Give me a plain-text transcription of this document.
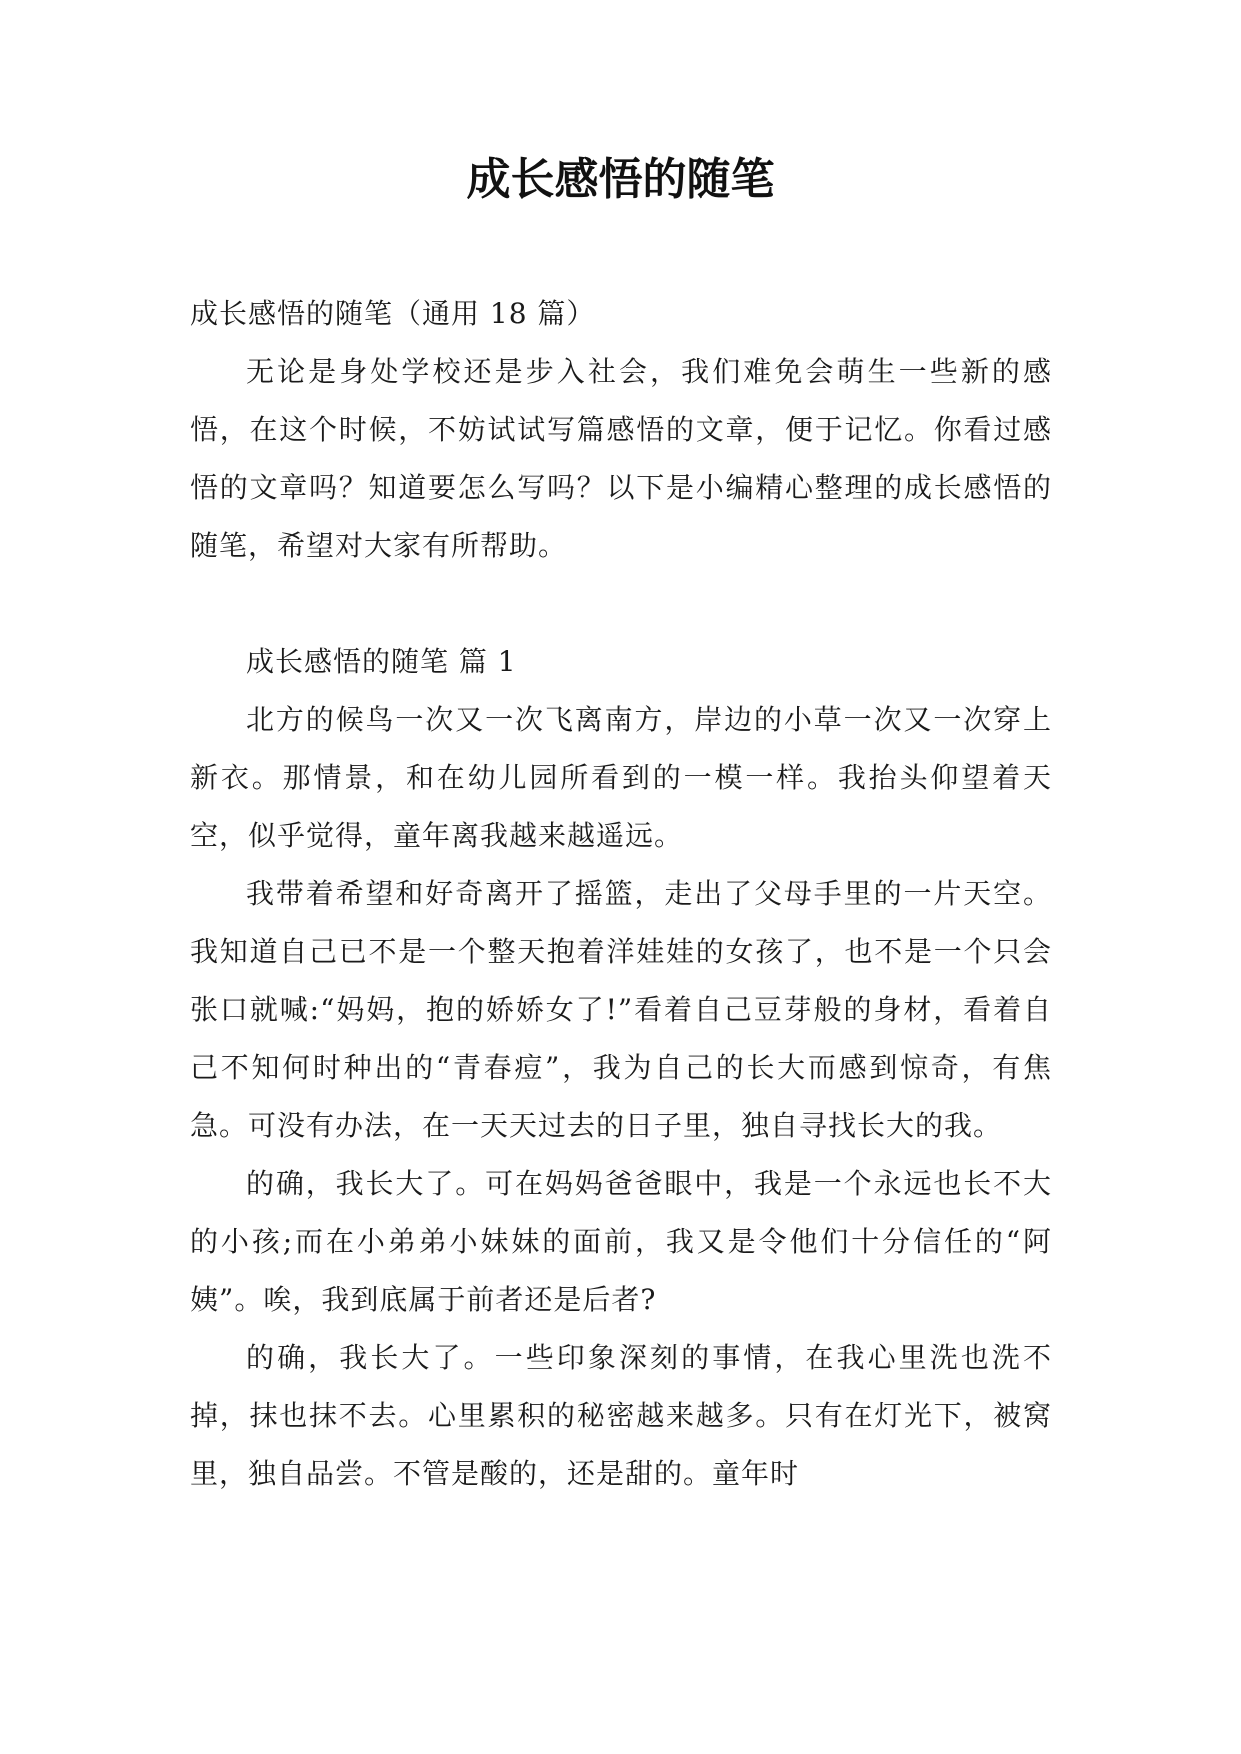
成长感悟的随笔

成长感悟的随笔（通用 18 篇）

无论是身处学校还是步入社会，我们难免会萌生一些新的感悟，在这个时候，不妨试试写篇感悟的文章，便于记忆。你看过感悟的文章吗？知道要怎么写吗？以下是小编精心整理的成长感悟的随笔，希望对大家有所帮助。

成长感悟的随笔 篇 1

北方的候鸟一次又一次飞离南方，岸边的小草一次又一次穿上新衣。那情景，和在幼儿园所看到的一模一样。我抬头仰望着天空，似乎觉得，童年离我越来越遥远。

我带着希望和好奇离开了摇篮，走出了父母手里的一片天空。我知道自己已不是一个整天抱着洋娃娃的女孩了，也不是一个只会张口就喊:“妈妈，抱的娇娇女了!”看着自己豆芽般的身材，看着自己不知何时种出的“青春痘”，我为自己的长大而感到惊奇，有焦急。可没有办法，在一天天过去的日子里，独自寻找长大的我。

的确，我长大了。可在妈妈爸爸眼中，我是一个永远也长不大的小孩;而在小弟弟小妹妹的面前，我又是令他们十分信任的“阿姨”。唉，我到底属于前者还是后者?

的确，我长大了。一些印象深刻的事情，在我心里洗也洗不掉，抹也抹不去。心里累积的秘密越来越多。只有在灯光下，被窝里，独自品尝。不管是酸的，还是甜的。童年时
